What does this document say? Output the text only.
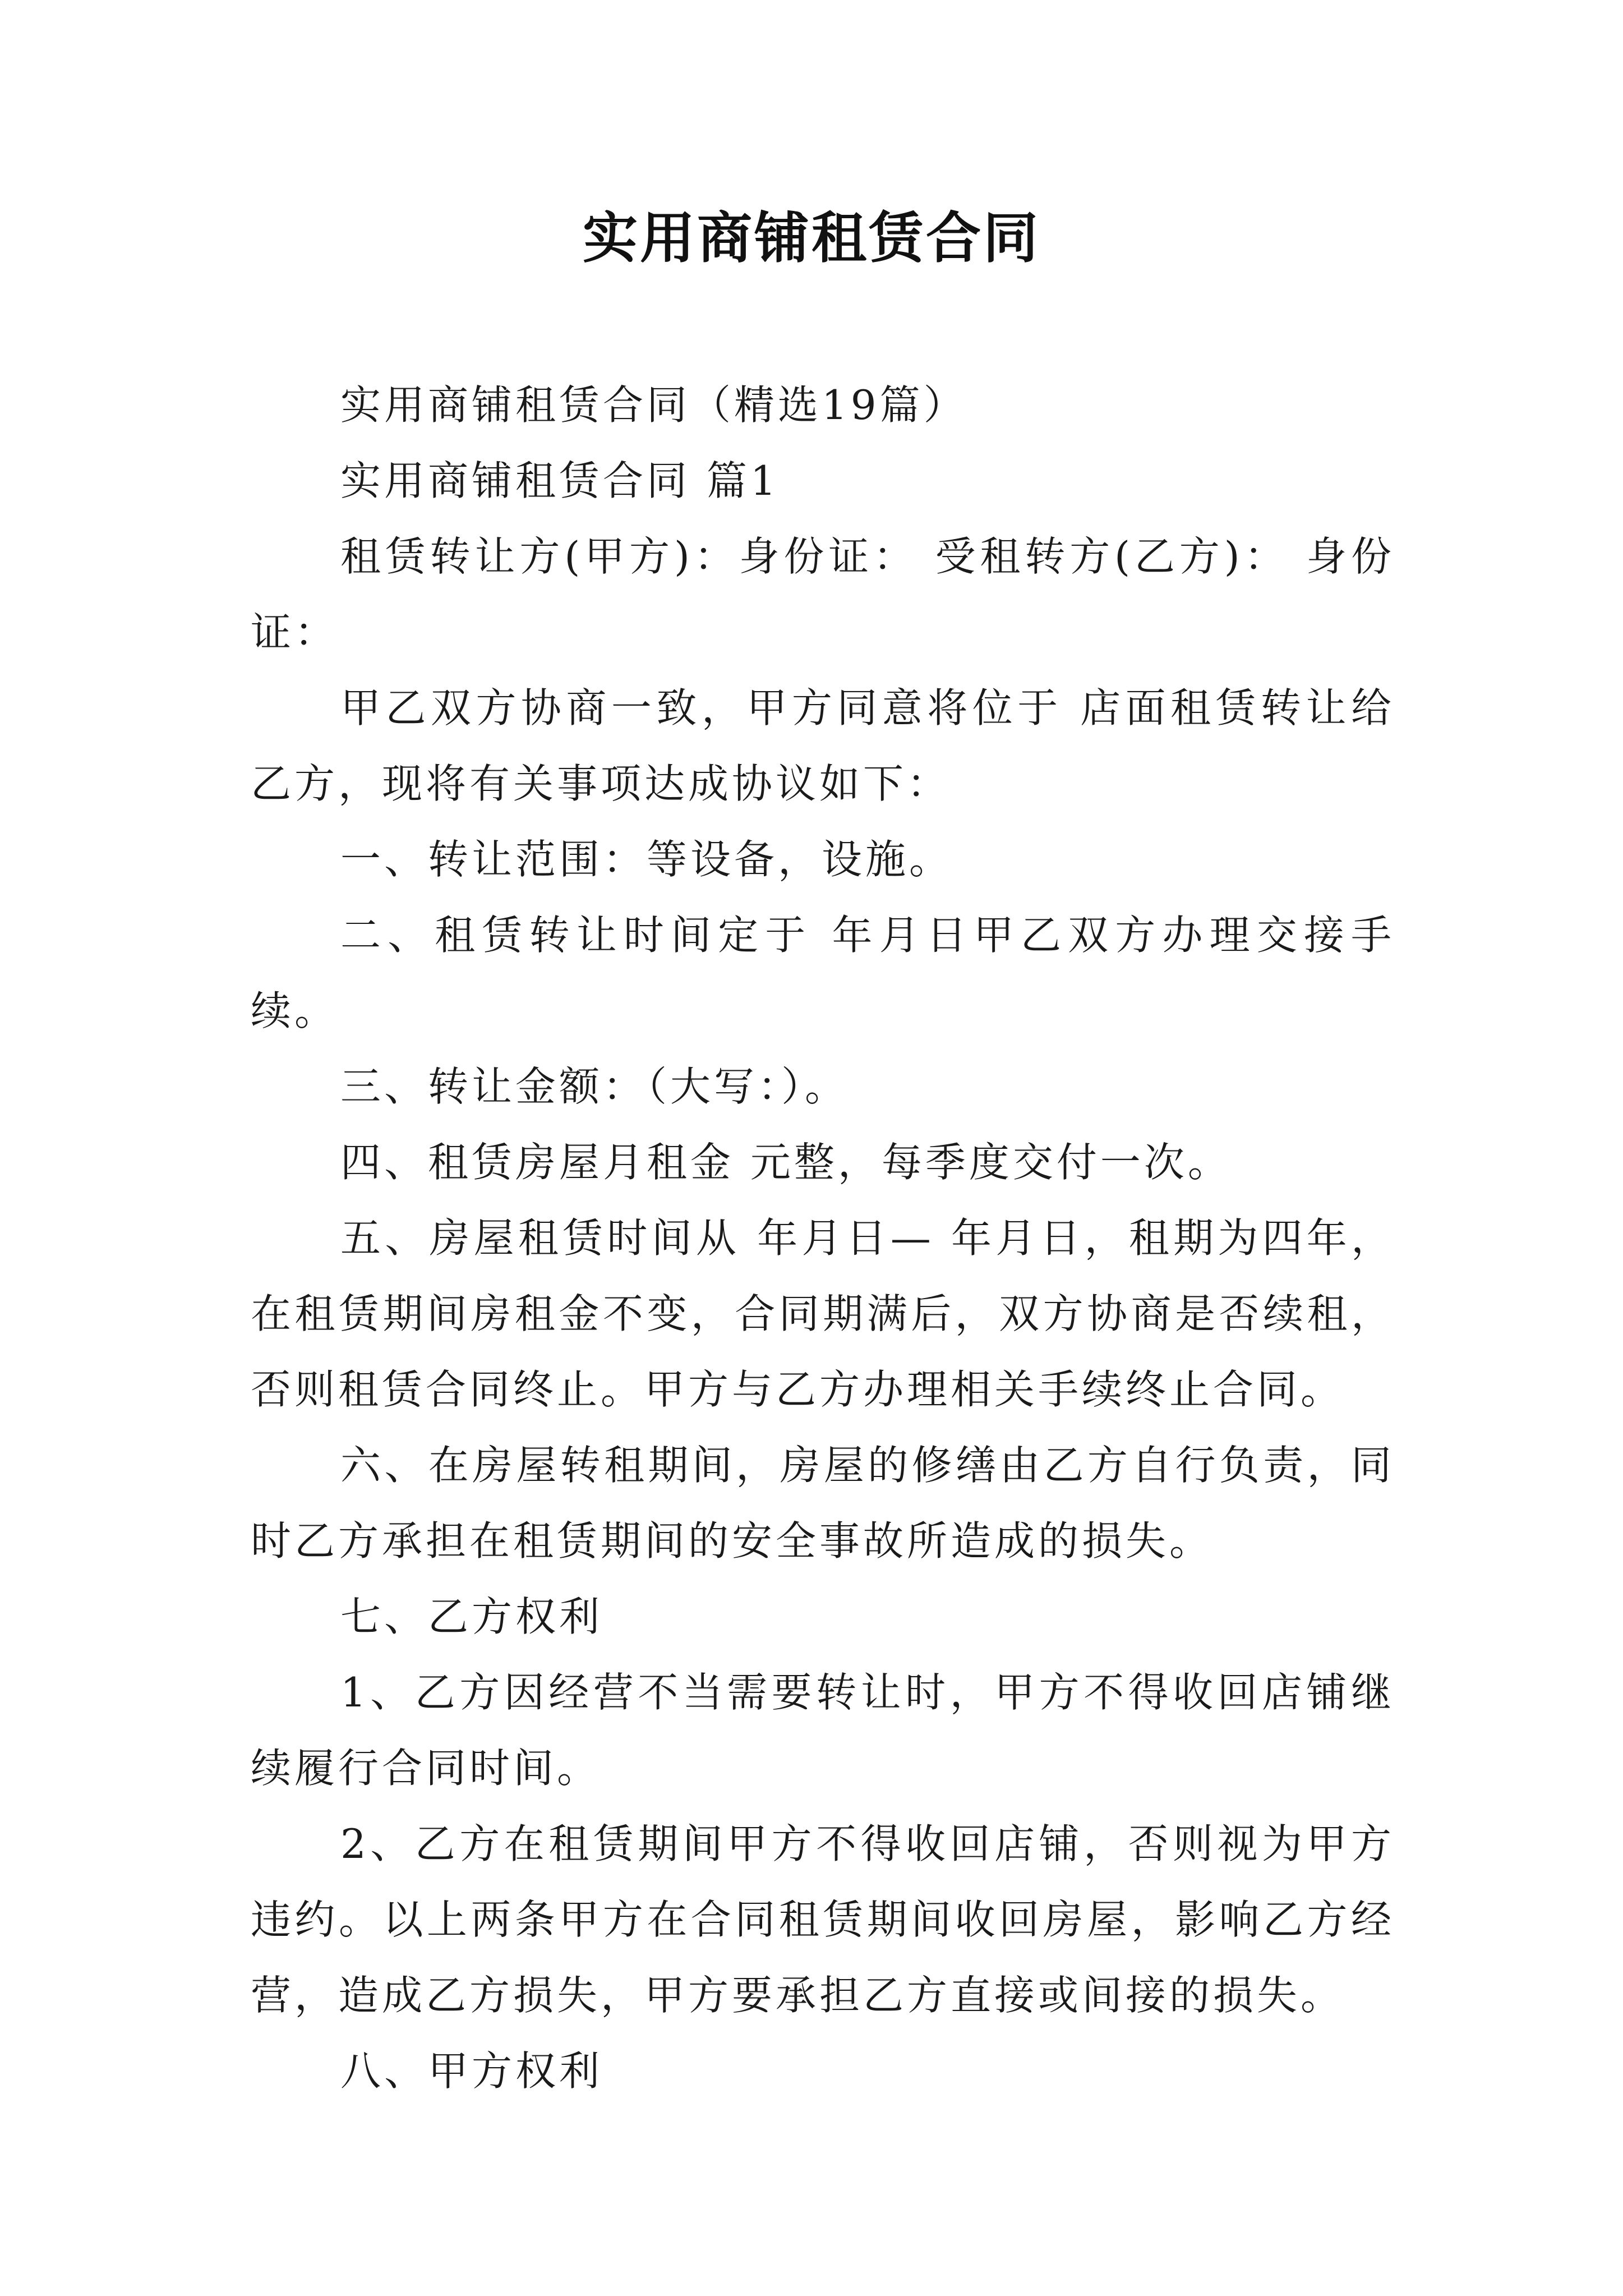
实用商铺租赁合同

实用商铺租赁合同（精选19篇）

实用商铺租赁合同 篇1

租赁转让方(甲方)：身份证： 受租转方(乙方)： 身份证：

甲乙双方协商一致，甲方同意将位于 店面租赁转让给乙方，现将有关事项达成协议如下：

一、转让范围：等设备，设施。

二、租赁转让时间定于 年月日甲乙双方办理交接手续。

三、转让金额：（大写：）。

四、租赁房屋月租金 元整，每季度交付一次。

五、房屋租赁时间从 年月日— 年月日，租期为四年，在租赁期间房租金不变，合同期满后，双方协商是否续租，否则租赁合同终止。甲方与乙方办理相关手续终止合同。

六、在房屋转租期间，房屋的修缮由乙方自行负责，同时乙方承担在租赁期间的安全事故所造成的损失。

七、乙方权利

1、乙方因经营不当需要转让时，甲方不得收回店铺继续履行合同时间。

2、乙方在租赁期间甲方不得收回店铺，否则视为甲方违约。以上两条甲方在合同租赁期间收回房屋，影响乙方经营，造成乙方损失，甲方要承担乙方直接或间接的损失。

八、甲方权利
